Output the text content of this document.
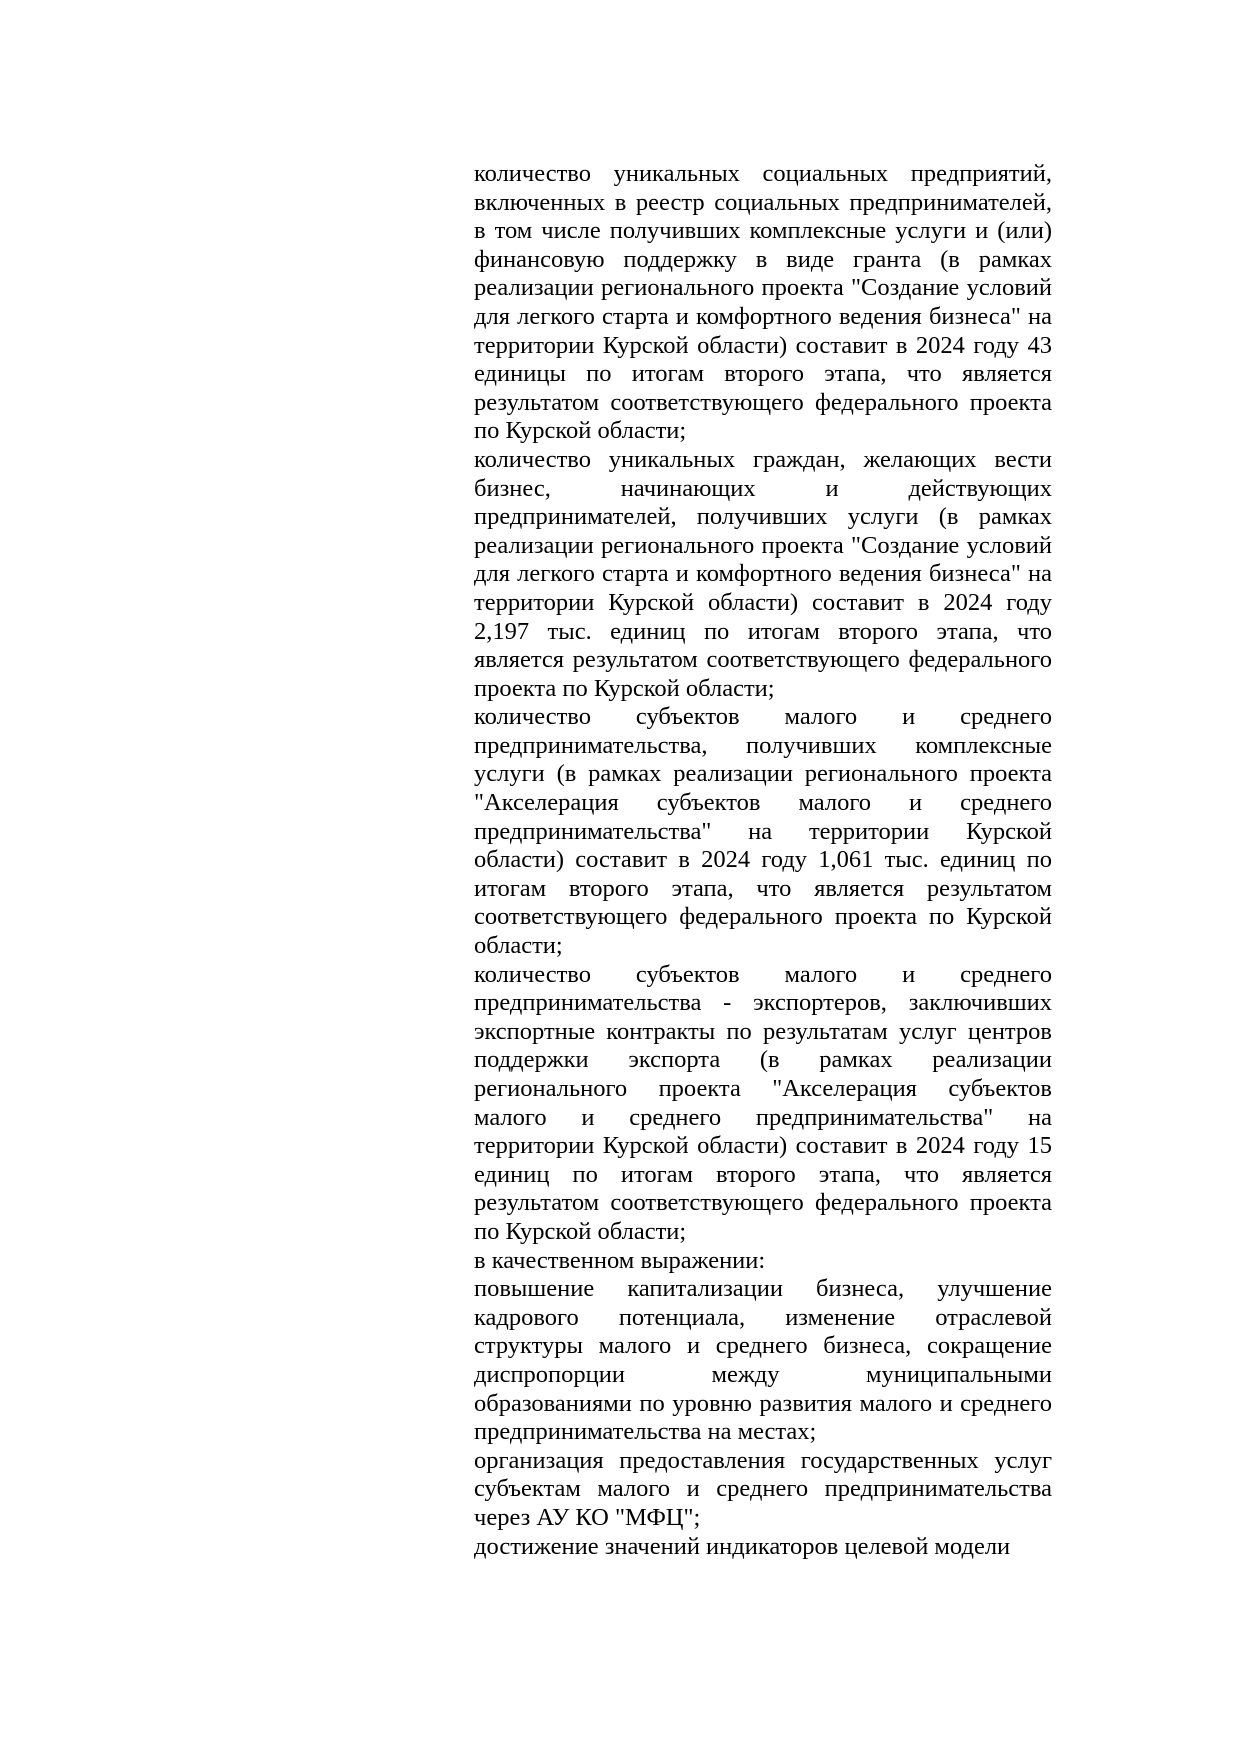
количество уникальных социальных предприятий, включенных в реестр социальных предпринимателей, в том числе получивших комплексные услуги и (или) финансовую поддержку в виде гранта (в рамках реализации регионального проекта "Создание условий для легкого старта и комфортного ведения бизнеса" на территории Курской области) составит в 2024 году 43 единицы по итогам второго этапа, что является результатом соответствующего федерального проекта по Курской области;

количество уникальных граждан, желающих вести бизнес, начинающих и действующих предпринимателей, получивших услуги (в рамках реализации регионального проекта "Создание условий для легкого старта и комфортного ведения бизнеса" на территории Курской области) составит в 2024 году 2,197 тыс. единиц по итогам второго этапа, что является результатом соответствующего федерального проекта по Курской области;

количество субъектов малого и среднего предпринимательства, получивших комплексные услуги (в рамках реализации регионального проекта "Акселерация субъектов малого и среднего предпринимательства" на территории Курской области) составит в 2024 году 1,061 тыс. единиц по итогам второго этапа, что является результатом соответствующего федерального проекта по Курской области;

количество субъектов малого и среднего предпринимательства - экспортеров, заключивших экспортные контракты по результатам услуг центров поддержки экспорта (в рамках реализации регионального проекта "Акселерация субъектов малого и среднего предпринимательства" на территории Курской области) составит в 2024 году 15 единиц по итогам второго этапа, что является результатом соответствующего федерального проекта по Курской области;

в качественном выражении:

повышение капитализации бизнеса, улучшение кадрового потенциала, изменение отраслевой структуры малого и среднего бизнеса, сокращение диспропорции между муниципальными образованиями по уровню развития малого и среднего предпринимательства на местах;

организация предоставления государственных услуг субъектам малого и среднего предпринимательства через АУ КО "МФЦ";

достижение значений индикаторов целевой модели
